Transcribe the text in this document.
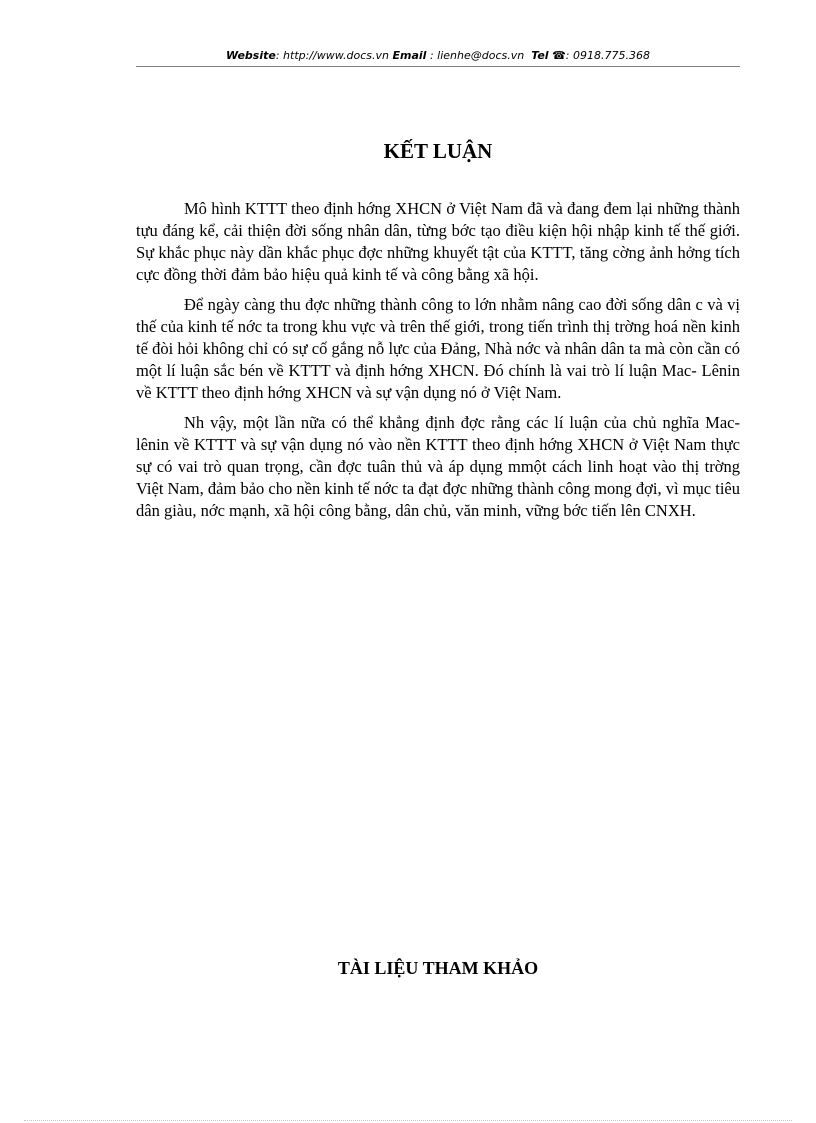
Website: http://www.docs.vn Email : lienhe@docs.vn  Tel ☎: 0918.775.368
KẾT LUẬN

Mô hình KTTT theo định hớng XHCN ở Việt Nam đã và đang đem lại những thành tựu đáng kể, cải thiện đời sống nhân dân, từng bớc tạo điều kiện hội nhập kinh tế thế giới. Sự khắc phục này dần khắc phục đợc những khuyết tật của KTTT, tăng cờng ảnh hởng tích cực đồng thời đảm bảo hiệu quả kinh tế và công bằng xã hội.

Để ngày càng thu đợc những thành công to lớn nhằm nâng cao đời sống dân c và vị thế của kinh tế nớc ta trong khu vực và trên thế giới, trong tiến trình thị trờng hoá nền kinh tế đòi hỏi không chỉ có sự cố gắng nỗ lực của Đảng, Nhà nớc và nhân dân ta mà còn cần có một lí luận sắc bén về KTTT và định hớng XHCN. Đó chính là vai trò lí luận Mac- Lênin về KTTT theo định hớng XHCN và sự vận dụng nó ở Việt Nam.

Nh vậy, một lần nữa có thể khẳng định đợc rằng các lí luận của chủ nghĩa Mac-lênin về KTTT và sự vận dụng nó vào nền KTTT theo định hớng XHCN ở Việt Nam thực sự có vai trò quan trọng, cần đợc tuân thủ và áp dụng mmột cách linh hoạt vào thị trờng Việt Nam, đảm bảo cho nền kinh tế nớc ta đạt đợc những thành công mong đợi, vì mục tiêu dân giàu, nớc mạnh, xã hội công bằng, dân chủ, văn minh, vững bớc tiến lên CNXH.

TÀI LIỆU THAM KHẢO
